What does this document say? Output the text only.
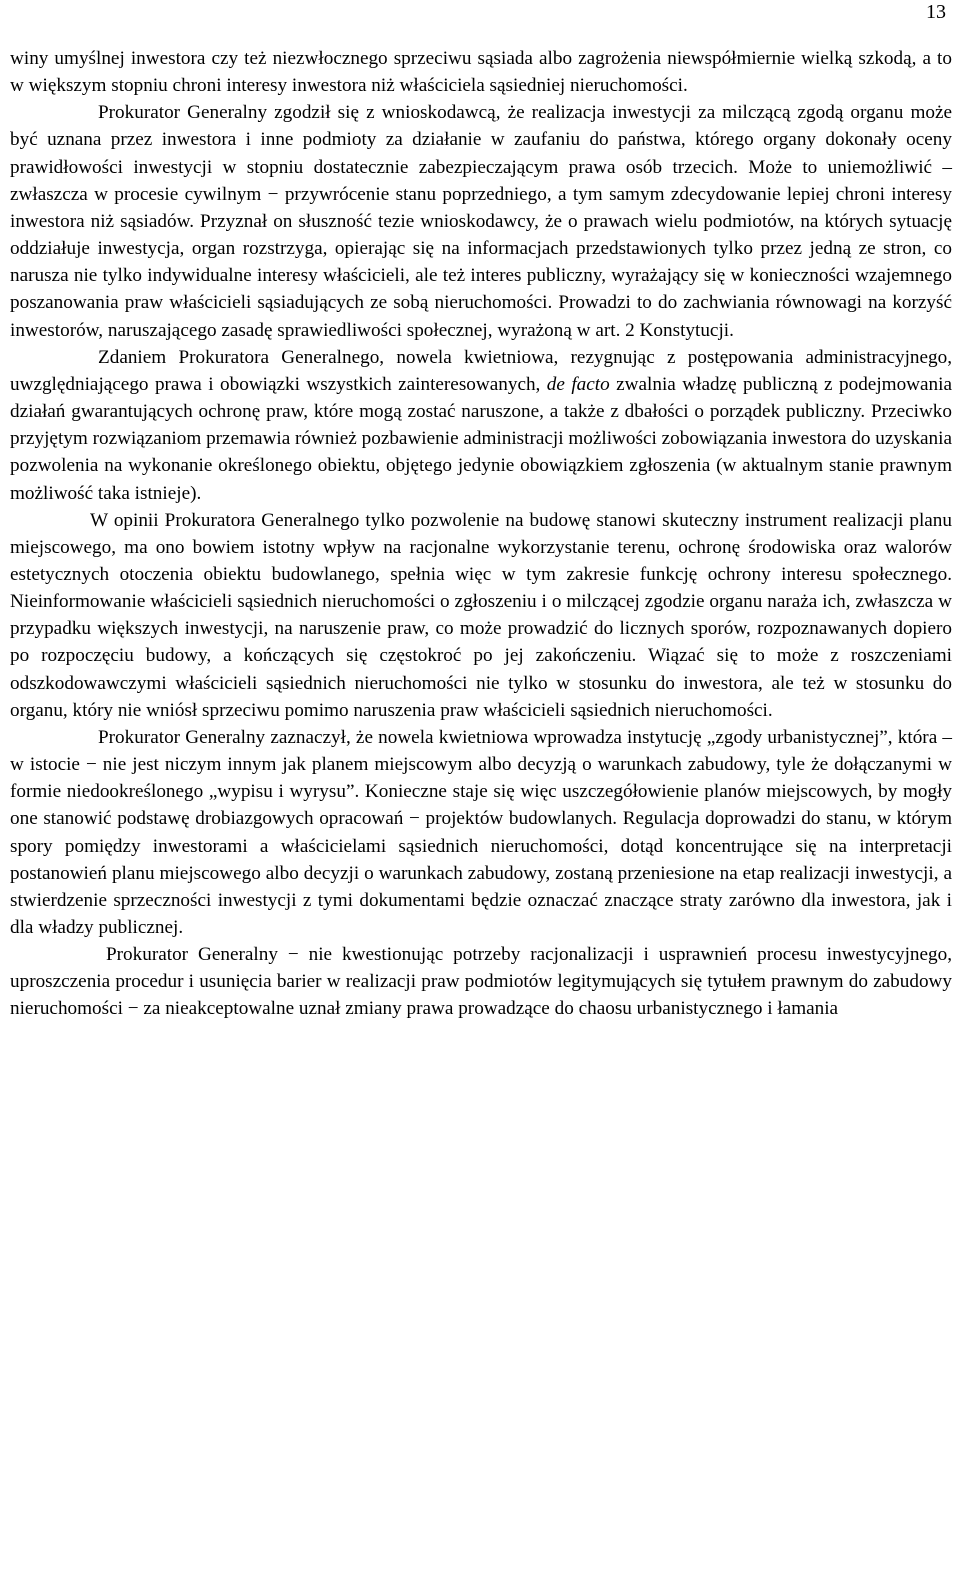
13

winy umyślnej inwestora czy też niezwłocznego sprzeciwu sąsiada albo zagrożenia niewspółmiernie wielką szkodą, a to w większym stopniu chroni interesy inwestora niż właściciela sąsiedniej nieruchomości.

Prokurator Generalny zgodził się z wnioskodawcą, że realizacja inwestycji za milczącą zgodą organu może być uznana przez inwestora i inne podmioty za działanie w zaufaniu do państwa, którego organy dokonały oceny prawidłowości inwestycji w stopniu dostatecznie zabezpieczającym prawa osób trzecich. Może to uniemożliwić – zwłaszcza w procesie cywilnym − przywrócenie stanu poprzedniego, a tym samym zdecydowanie lepiej chroni interesy inwestora niż sąsiadów. Przyznał on słuszność tezie wnioskodawcy, że o prawach wielu podmiotów, na których sytuację oddziałuje inwestycja, organ rozstrzyga, opierając się na informacjach przedstawionych tylko przez jedną ze stron, co narusza nie tylko indywidualne interesy właścicieli, ale też interes publiczny, wyrażający się w konieczności wzajemnego poszanowania praw właścicieli sąsiadujących ze sobą nieruchomości. Prowadzi to do zachwiania równowagi na korzyść inwestorów, naruszającego zasadę sprawiedliwości społecznej, wyrażoną w art. 2 Konstytucji.

Zdaniem Prokuratora Generalnego, nowela kwietniowa, rezygnując z postępowania administracyjnego, uwzględniającego prawa i obowiązki wszystkich zainteresowanych, de facto zwalnia władzę publiczną z podejmowania działań gwarantujących ochronę praw, które mogą zostać naruszone, a także z dbałości o porządek publiczny. Przeciwko przyjętym rozwiązaniom przemawia również pozbawienie administracji możliwości zobowiązania inwestora do uzyskania pozwolenia na wykonanie określonego obiektu, objętego jedynie obowiązkiem zgłoszenia (w aktualnym stanie prawnym możliwość taka istnieje).

W opinii Prokuratora Generalnego tylko pozwolenie na budowę stanowi skuteczny instrument realizacji planu miejscowego, ma ono bowiem istotny wpływ na racjonalne wykorzystanie terenu, ochronę środowiska oraz walorów estetycznych otoczenia obiektu budowlanego, spełnia więc w tym zakresie funkcję ochrony interesu społecznego. Nieinformowanie właścicieli sąsiednich nieruchomości o zgłoszeniu i o milczącej zgodzie organu naraża ich, zwłaszcza w przypadku większych inwestycji, na naruszenie praw, co może prowadzić do licznych sporów, rozpoznawanych dopiero po rozpoczęciu budowy, a kończących się częstokroć po jej zakończeniu. Wiązać się to może z roszczeniami odszkodowawczymi właścicieli sąsiednich nieruchomości nie tylko w stosunku do inwestora, ale też w stosunku do organu, który nie wniósł sprzeciwu pomimo naruszenia praw właścicieli sąsiednich nieruchomości.

Prokurator Generalny zaznaczył, że nowela kwietniowa wprowadza instytucję „zgody urbanistycznej”, która – w istocie − nie jest niczym innym jak planem miejscowym albo decyzją o warunkach zabudowy, tyle że dołączanymi w formie niedookreślonego „wypisu i wyrysu”. Konieczne staje się więc uszczegółowienie planów miejscowych, by mogły one stanowić podstawę drobiazgowych opracowań − projektów budowlanych. Regulacja doprowadzi do stanu, w którym spory pomiędzy inwestorami a właścicielami sąsiednich nieruchomości, dotąd koncentrujące się na interpretacji postanowień planu miejscowego albo decyzji o warunkach zabudowy, zostaną przeniesione na etap realizacji inwestycji, a stwierdzenie sprzeczności inwestycji z tymi dokumentami będzie oznaczać znaczące straty zarówno dla inwestora, jak i dla władzy publicznej.

Prokurator Generalny − nie kwestionując potrzeby racjonalizacji i usprawnień procesu inwestycyjnego, uproszczenia procedur i usunięcia barier w realizacji praw podmiotów legitymujących się tytułem prawnym do zabudowy nieruchomości − za nieakceptowalne uznał zmiany prawa prowadzące do chaosu urbanistycznego i łamania
